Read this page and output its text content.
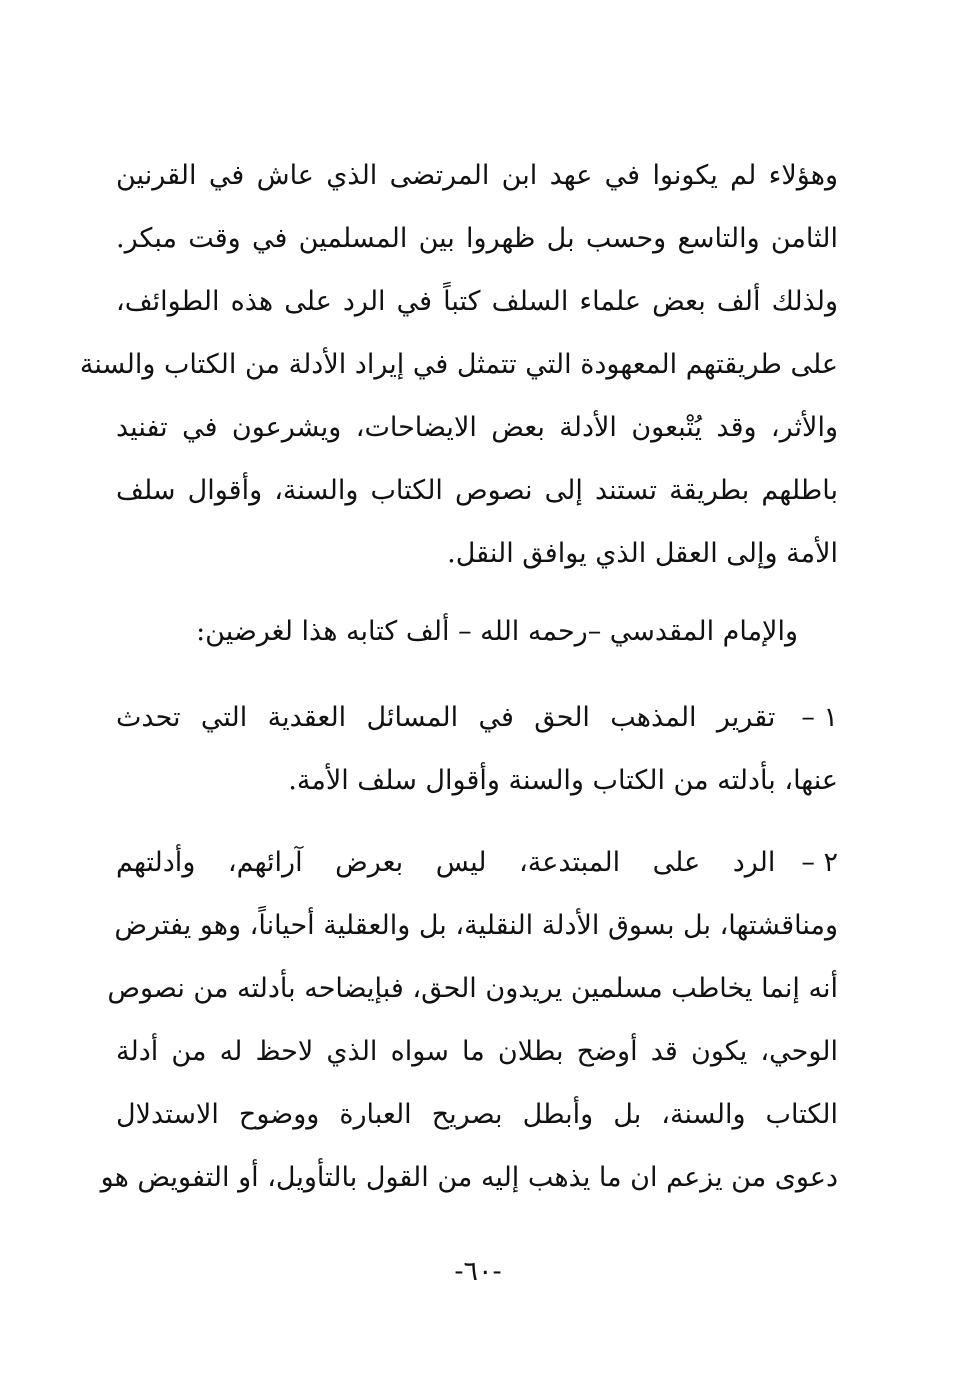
وهؤلاء لم يكونوا في عهد ابن المرتضى الذي عاش في القرنين
الثامن والتاسع وحسب بل ظهروا بين المسلمين في وقت مبكر.
ولذلك ألف بعض علماء السلف كتباً في الرد على هذه الطوائف،
على طريقتهم المعهودة التي تتمثل في إيراد الأدلة من الكتاب والسنة
والأثر، وقد يُتْبعون الأدلة بعض الايضاحات، ويشرعون في تفنيد
باطلهم بطريقة تستند إلى نصوص الكتاب والسنة، وأقوال سلف
الأمة وإلى العقل الذي يوافق النقل.
والإمام المقدسي –رحمه الله – ألف كتابه هذا لغرضين:
١ –تقرير المذهب الحق في المسائل العقدية التي تحدث
عنها، بأدلته من الكتاب والسنة وأقوال سلف الأمة.
٢ –الرد على المبتدعة، ليس بعرض آرائهم، وأدلتهم
ومناقشتها، بل بسوق الأدلة النقلية، بل والعقلية أحياناً، وهو يفترض
أنه إنما يخاطب مسلمين يريدون الحق، فبإيضاحه بأدلته من نصوص
الوحي، يكون قد أوضح بطلان ما سواه الذي لاحظ له من أدلة
الكتاب والسنة، بل وأبطل بصريح العبارة ووضوح الاستدلال
دعوى من يزعم ان ما يذهب إليه من القول بالتأويل، أو التفويض هو
-٦٠-
